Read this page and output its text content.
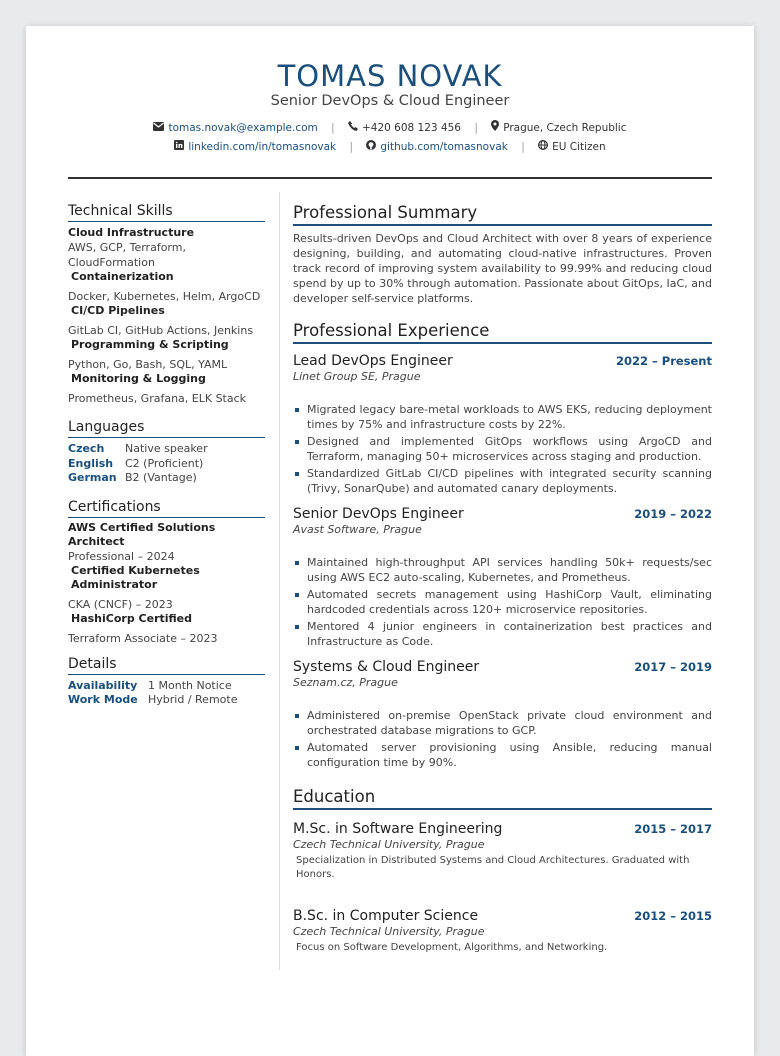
TOMAS NOVAK
Senior DevOps & Cloud Engineer
tomas.novak@example.com |	+420 608 123 456 | Prague, Czech Republic
linkedin.com/in/tomasnovak |	github.com/tomasnovak |	EU Citizen
Technical Skills
Cloud Infrastructure
AWS, GCP, Terraform, CloudFormation
Containerization
Docker, Kubernetes, Helm, ArgoCD
CI/CD Pipelines
GitLab CI, GitHub Actions, Jenkins
Programming & Scripting
Python, Go, Bash, SQL, YAML
Monitoring & Logging
Prometheus, Grafana, ELK Stack
Languages
Czech	Native speaker
English	C2 (Proficient)
German B2 (Vantage)
Certifications
AWS Certified Solutions Architect
Professional – 2024
Certified Kubernetes Administrator
CKA (CNCF) – 2023
HashiCorp Certified
Terraform Associate – 2023
Details
Availability 1 Month Notice
Work Mode Hybrid / Remote
Professional Summary
Results-driven DevOps and Cloud Architect with over 8 years of experience designing, building, and automating cloud-native infrastructures. Proven track record of improving system availability to 99.99% and reducing cloud spend by up to 30% through automation. Passionate about GitOps, IaC, and developer self-service platforms.
Professional Experience
Lead DevOps Engineer	2022 – Present
Linet Group SE, Prague
Migrated legacy bare-metal workloads to AWS EKS, reducing deployment times by 75% and infrastructure costs by 22%.
Designed and implemented GitOps workflows using ArgoCD and Terraform, managing 50+ microservices across staging and production.
Standardized GitLab CI/CD pipelines with integrated security scanning (Trivy, SonarQube) and automated canary deployments.
Senior DevOps Engineer	2019 – 2022
Avast Software, Prague
Maintained high-throughput API services handling 50k+ requests/sec using AWS EC2 auto-scaling, Kubernetes, and Prometheus.
Automated secrets management using HashiCorp Vault, eliminating hardcoded credentials across 120+ microservice repositories.
Mentored 4 junior engineers in containerization best practices and Infrastructure as Code.
Systems & Cloud Engineer	2017 – 2019
Seznam.cz, Prague
Administered on-premise OpenStack private cloud environment and orchestrated database migrations to GCP.
Automated server provisioning using Ansible, reducing manual configuration time by 90%.
Education
M.Sc. in Software Engineering	2015 – 2017
Czech Technical University, Prague
Specialization in Distributed Systems and Cloud Architectures. Graduated with Honors.
B.Sc. in Computer Science	2012 – 2015
Czech Technical University, Prague
Focus on Software Development, Algorithms, and Networking.
